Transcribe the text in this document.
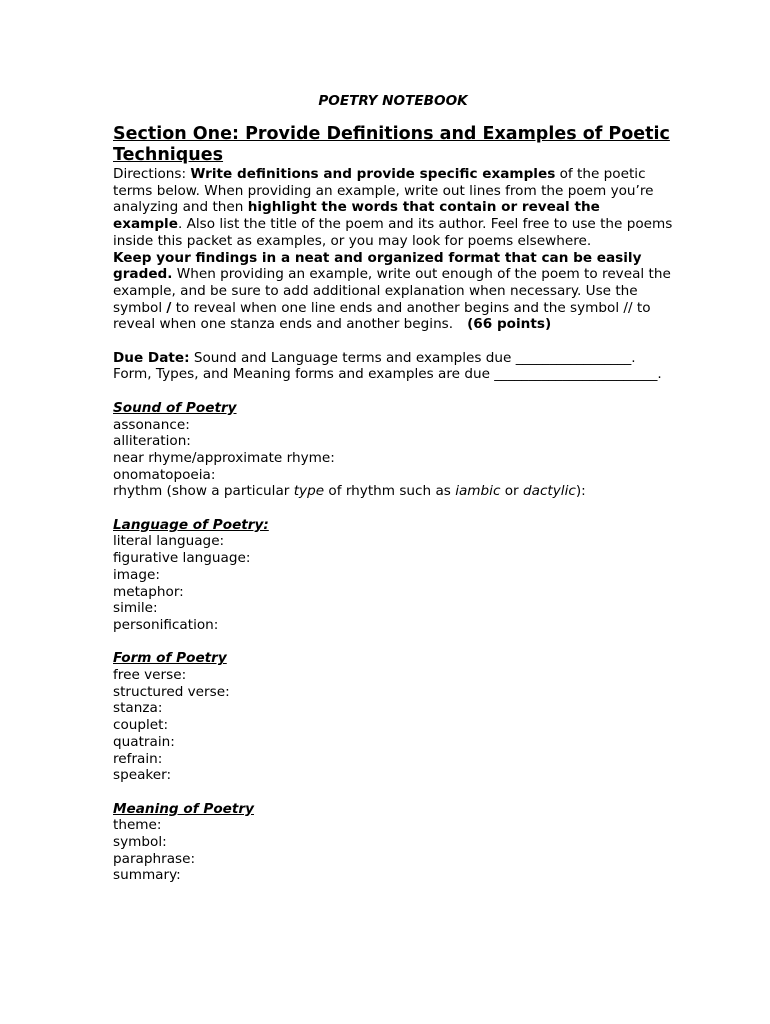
POETRY NOTEBOOK
Section One: Provide Definitions and Examples of Poetic Techniques

Directions: Write definitions and provide specific examples of the poetic terms below. When providing an example, write out lines from the poem you’re analyzing and then highlight the words that contain or reveal the example. Also list the title of the poem and its author. Feel free to use the poems inside this packet as examples, or you may look for poems elsewhere.

Keep your findings in a neat and organized format that can be easily graded. When providing an example, write out enough of the poem to reveal the example, and be sure to add additional explanation when necessary. Use the symbol / to reveal when one line ends and another begins and the symbol // to reveal when one stanza ends and another begins. (66 points)

Due Date: Sound and Language terms and examples due _________________. Form, Types, and Meaning forms and examples are due ________________________.

Sound of Poetry

assonance:

alliteration:

near rhyme/approximate rhyme:

onomatopoeia:

rhythm (show a particular type of rhythm such as iambic or dactylic):

Language of Poetry:

literal language:

figurative language:

image:

metaphor:

simile:

personification:

Form of Poetry

free verse:

structured verse:

stanza:

couplet:

quatrain:

refrain:

speaker:

Meaning of Poetry

theme:

symbol:

paraphrase:

summary:
